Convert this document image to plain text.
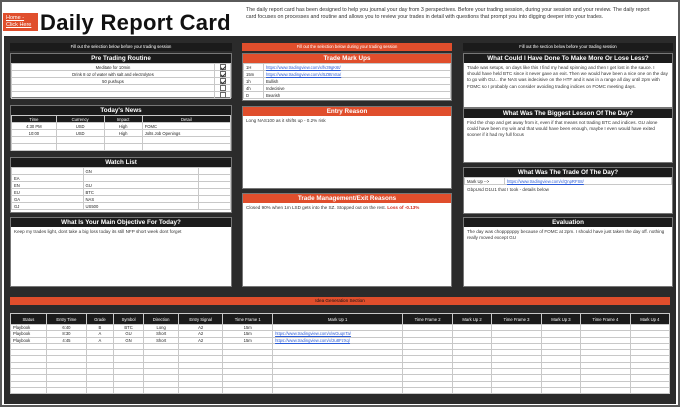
Home - Click Here Daily Report Card	The daily report card has been designed to help you journal your day from 3 perspectives. Before your trading session, during your session and your review. The daily report card focuses on processes and routine and allows you to review your trades in detail with questions that prompt you into digging deeper into your trades.
Fill out the selection below before your trading session	Fill out the selection below during your trading session	Fill out the section below before your trading session
Pre Trading Routine
Meditate for 10min	
Drink 8 oz of water with salt and electrolytes	
50 pushups	

Today's News
Time	Currency	Impact	Detail
4:30 PM	USD	High	FOMC
10:00	USD	High	Jolts Job Openings

Watch List
	GN	
EA		
EN	GU	
EU	BTC	
GA	NAS	
GJ	US500	
What Is Your Main Objective For Today?
Keep my trades light, dont take a big loss today its still NFP short week dont forget
Trade Mark Ups
1H	https://www.tradingview.com/x/fv39gK6t/
15m	https://www.tradingview.com/x/5Z8tmSa/
1h	Bullish
4h	Indecisive
D	Bearish
Entry Reason
Long NAS100 as it shifts up - 0.2% risk
Trade Management/Exit Reasons
Closed 90% when 1m LSD gets into the SZ. Stopped out on the rest. Loss of -0.13%
What Could I Have Done To Make More Or Lose Less?
Trade was setups, on days like this I find my head spinning and then I get lost in the sauce. I should have held BTC since it never gave an exit. Then we would have been a nice one on the day to go with GU... the NAS was indecisive on the HTF and it was in a range all day until 2pm with FOMC so I probably can consider avoiding trading indices on FOMC meeting days.
What Was The Biggest Lesson Of The Day?
Find the chop and get away from it, even if that means not trading BTC and indices. GU alone could have been my win and that would have been enough, maybe I even would have exited sooner if it had my full focus
What Was The Trade Of The Day?
Mark Up -->	https://www.tradingview.com/x/QnpRFS8/
GbpUsd D1U1 that I took - details below
Evaluation
The day was choppppppy because of FOMC at 2pm. I should have just taken the day off. nothing really moved except GU
Idea Generation Section
Status	Entry Time	Grade	Symbol	Direction	Entry Signal	Time Frame 1	Mark Up 1	Time Frame 2	Mark Up 2	Time Frame 3	Mark Up 3	Time Frame 4	Mark Up 4
Playbook	6:40	B	BTC	Long	A2	15m							
Playbook	8:30	A	GU	Short	A2	15m	https://www.tradingview.com/x/wGuqnTa/						
Playbook	4:45	A	GN	Short	A2	15m	https://www.tradingview.com/x/2u8FzXq/						
